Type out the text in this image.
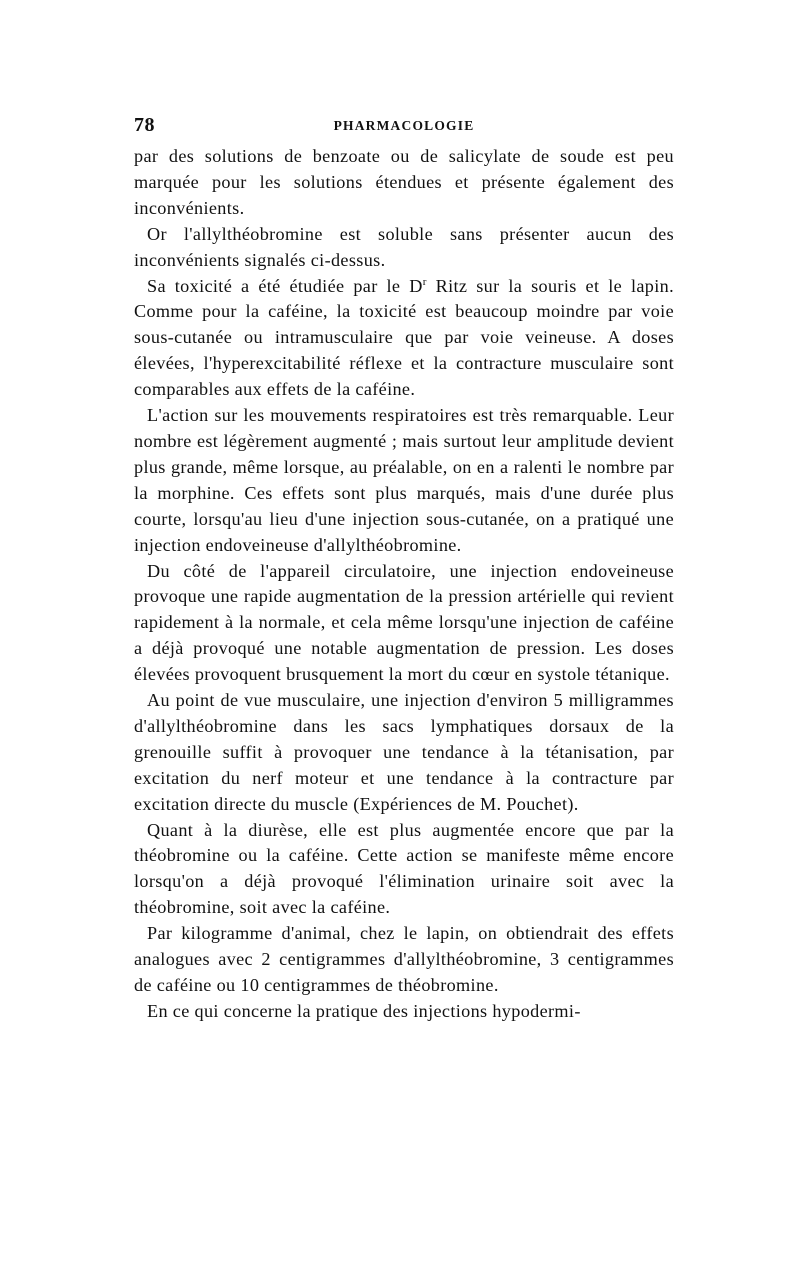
78	PHARMACOLOGIE

par des solutions de benzoate ou de salicylate de soude est peu marquée pour les solutions étendues et présente également des inconvénients.

Or l'allylthéobromine est soluble sans présenter aucun des inconvénients signalés ci-dessus.

Sa toxicité a été étudiée par le $D^r$ Ritz sur la souris et le lapin. Comme pour la caféine, la toxicité est beaucoup moindre par voie sous-cutanée ou intramusculaire que par voie veineuse. A doses élevées, l'hyperexcitabilité réflexe et la contracture musculaire sont comparables aux effets de la caféine.

L'action sur les mouvements respiratoires est très remarquable. Leur nombre est légèrement augmenté ; mais surtout leur amplitude devient plus grande, même lorsque, au préalable, on en a ralenti le nombre par la morphine. Ces effets sont plus marqués, mais d'une durée plus courte, lorsqu'au lieu d'une injection sous-cutanée, on a pratiqué une injection endoveineuse d'allylthéobromine.

Du côté de l'appareil circulatoire, une injection endoveineuse provoque une rapide augmentation de la pression artérielle qui revient rapidement à la normale, et cela même lorsqu'une injection de caféine a déjà provoqué une notable augmentation de pression. Les doses élevées provoquent brusquement la mort du cœur en systole tétanique.

Au point de vue musculaire, une injection d'environ 5 milligrammes d'allylthéobromine dans les sacs lymphatiques dorsaux de la grenouille suffit à provoquer une tendance à la tétanisation, par excitation du nerf moteur et une tendance à la contracture par excitation directe du muscle (Expériences de M. Pouchet).

Quant à la diurèse, elle est plus augmentée encore que par la théobromine ou la caféine. Cette action se manifeste même encore lorsqu'on a déjà provoqué l'élimination urinaire soit avec la théobromine, soit avec la caféine.

Par kilogramme d'animal, chez le lapin, on obtiendrait des effets analogues avec 2 centigrammes d'allylthéobromine, 3 centigrammes de caféine ou 10 centigrammes de théobromine.

En ce qui concerne la pratique des injections hypodermi-
